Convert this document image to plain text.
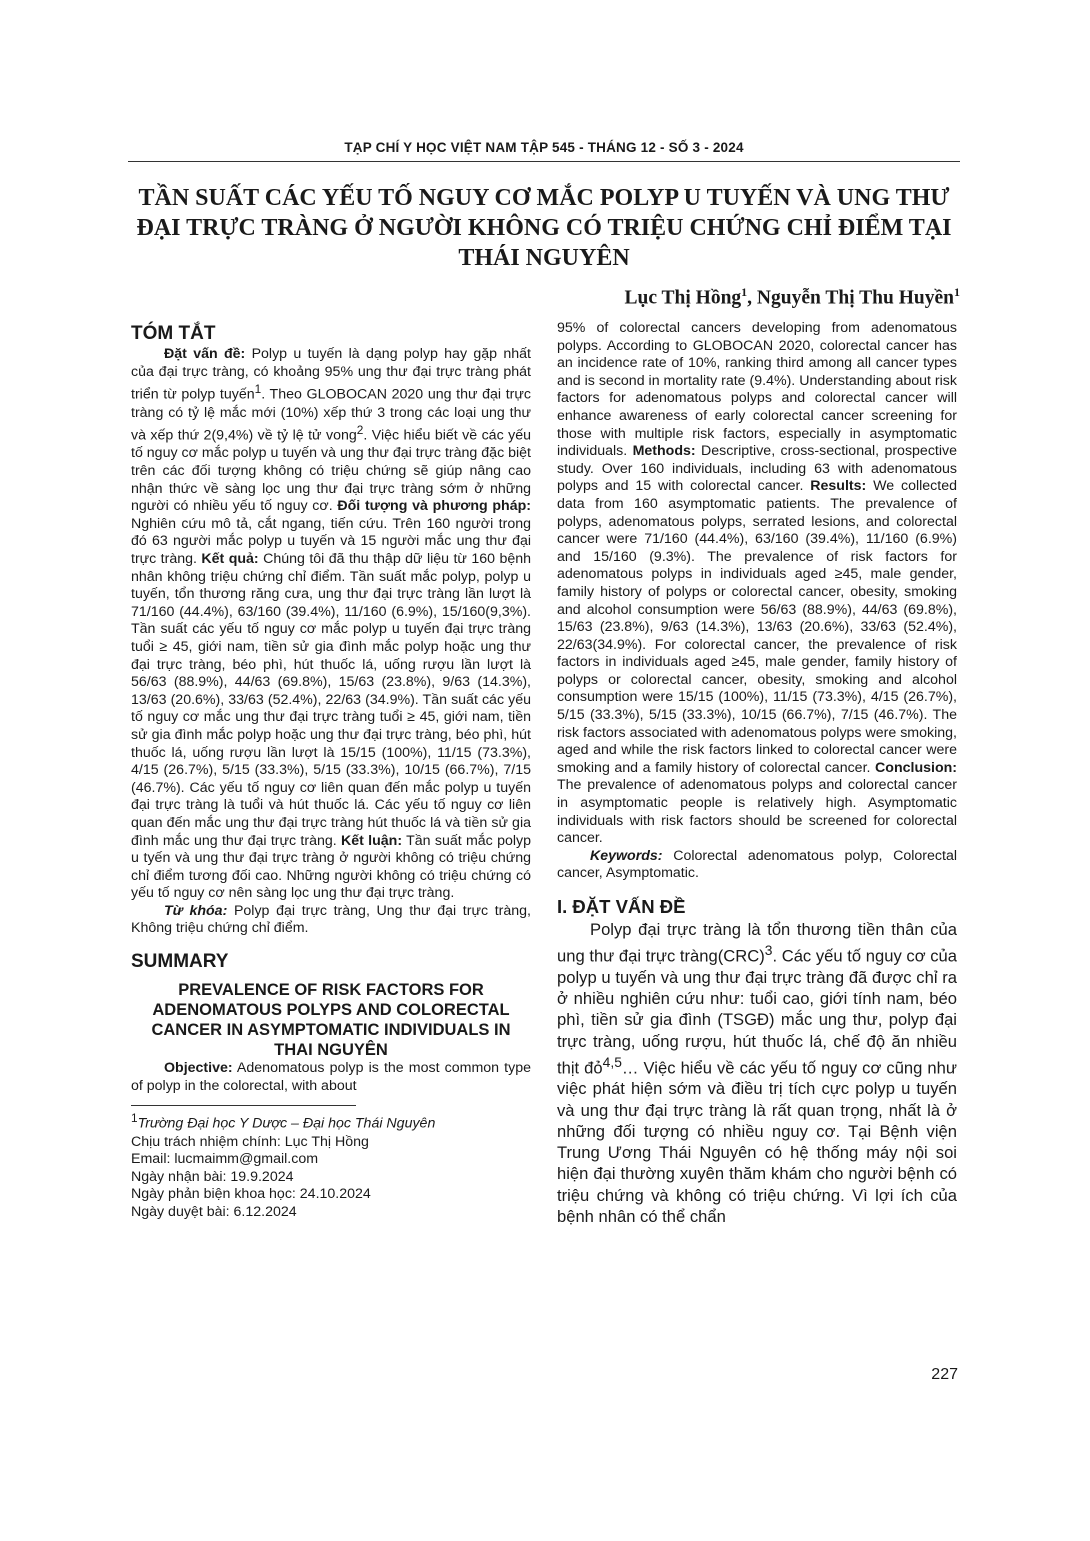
TẠP CHÍ Y HỌC VIỆT NAM TẬP 545 - THÁNG 12 - SỐ 3 - 2024
TẦN SUẤT CÁC YẾU TỐ NGUY CƠ MẮC POLYP U TUYẾN VÀ UNG THƯ ĐẠI TRỰC TRÀNG Ở NGƯỜI KHÔNG CÓ TRIỆU CHỨNG CHỈ ĐIỂM TẠI THÁI NGUYÊN
Lục Thị Hồng$^1$, Nguyễn Thị Thu Huyền$^1$
TÓM TẮT

Đặt vấn đề: Polyp u tuyến là dạng polyp hay gặp nhất của đại trực tràng, có khoảng 95% ung thư đại trực tràng phát triển từ polyp tuyến$^1$. Theo GLOBOCAN 2020 ung thư đại trực tràng có tỷ lệ mắc mới (10%) xếp thứ 3 trong các loại ung thư và xếp thứ 2(9,4%) về tỷ lệ tử vong$^2$. Việc hiểu biết về các yếu tố nguy cơ mắc polyp u tuyến và ung thư đại trực tràng đặc biệt trên các đối tượng không có triệu chứng sẽ giúp nâng cao nhận thức về sàng lọc ung thư đại trực tràng sớm ở những người có nhiều yếu tố nguy cơ. Đối tượng và phương pháp: Nghiên cứu mô tả, cắt ngang, tiến cứu. Trên 160 người trong đó 63 người mắc polyp u tuyến và 15 người mắc ung thư đại trực tràng. Kết quả: Chúng tôi đã thu thập dữ liệu từ 160 bệnh nhân không triệu chứng chỉ điểm. Tần suất mắc polyp, polyp u tuyến, tổn thương răng cưa, ung thư đại trực tràng lần lượt là 71/160 (44.4%), 63/160 (39.4%), 11/160 (6.9%), 15/160(9,3%). Tần suất các yếu tố nguy cơ mắc polyp u tuyến đại trực tràng tuổi ≥ 45, giới nam, tiền sử gia đình mắc polyp hoặc ung thư đại trực tràng, béo phì, hút thuốc lá, uống rượu lần lượt là 56/63 (88.9%), 44/63 (69.8%), 15/63 (23.8%), 9/63 (14.3%), 13/63 (20.6%), 33/63 (52.4%), 22/63 (34.9%). Tần suất các yếu tố nguy cơ mắc ung thư đại trực tràng tuổi ≥ 45, giới nam, tiền sử gia đình mắc polyp hoặc ung thư đại trực tràng, béo phì, hút thuốc lá, uống rượu lần lượt là 15/15 (100%), 11/15 (73.3%), 4/15 (26.7%), 5/15 (33.3%), 5/15 (33.3%), 10/15 (66.7%), 7/15 (46.7%). Các yếu tố nguy cơ liên quan đến mắc polyp u tuyến đại trực tràng là tuổi và hút thuốc lá. Các yếu tố nguy cơ liên quan đến mắc ung thư đại trực tràng hút thuốc lá và tiền sử gia đình mắc ung thư đại trực tràng. Kết luận: Tần suất mắc polyp u tyến và ung thư đại trực tràng ở người không có triệu chứng chỉ điểm tương đối cao. Những người không có triệu chứng có yếu tố nguy cơ nên sàng lọc ung thư đại trực tràng.

Từ khóa: Polyp đại trực tràng, Ung thư đại trực tràng, Không triệu chứng chỉ điểm.

SUMMARY

PREVALENCE OF RISK FACTORS FOR ADENOMATOUS POLYPS AND COLORECTAL CANCER IN ASYMPTOMATIC INDIVIDUALS IN THAI NGUYÊN

Objective: Adenomatous polyp is the most common type of polyp in the colorectal, with about

$^1$Trường Đại học Y Dược – Đại học Thái Nguyên
Chịu trách nhiệm chính: Lục Thị Hồng
Email: lucmaimm@gmail.com
Ngày nhận bài: 19.9.2024
Ngày phản biện khoa học: 24.10.2024
Ngày duyệt bài: 6.12.2024

95% of colorectal cancers developing from adenomatous polyps. According to GLOBOCAN 2020, colorectal cancer has an incidence rate of 10%, ranking third among all cancer types and is second in mortality rate (9.4%). Understanding about risk factors for adenomatous polyps and colorectal cancer will enhance awareness of early colorectal cancer screening for those with multiple risk factors, especially in asymptomatic individuals. Methods: Descriptive, cross-sectional, prospective study. Over 160 individuals, including 63 with adenomatous polyps and 15 with colorectal cancer. Results: We collected data from 160 asymptomatic patients. The prevalence of polyps, adenomatous polyps, serrated lesions, and colorectal cancer were 71/160 (44.4%), 63/160 (39.4%), 11/160 (6.9%) and 15/160 (9.3%). The prevalence of risk factors for adenomatous polyps in individuals aged ≥45, male gender, family history of polyps or colorectal cancer, obesity, smoking and alcohol consumption were 56/63 (88.9%), 44/63 (69.8%), 15/63 (23.8%), 9/63 (14.3%), 13/63 (20.6%), 33/63 (52.4%), 22/63(34.9%). For colorectal cancer, the prevalence of risk factors in individuals aged ≥45, male gender, family history of polyps or colorectal cancer, obesity, smoking and alcohol consumption were 15/15 (100%), 11/15 (73.3%), 4/15 (26.7%), 5/15 (33.3%), 5/15 (33.3%), 10/15 (66.7%), 7/15 (46.7%). The risk factors associated with adenomatous polyps were smoking, aged and while the risk factors linked to colorectal cancer were smoking and a family history of colorectal cancer. Conclusion: The prevalence of adenomatous polyps and colorectal cancer in asymptomatic people is relatively high. Asymptomatic individuals with risk factors should be screened for colorectal cancer.

Keywords: Colorectal adenomatous polyp, Colorectal cancer, Asymptomatic.

I. ĐẶT VẤN ĐỀ

Polyp đại trực tràng là tổn thương tiền thân của ung thư đại trực tràng(CRC)$^3$. Các yếu tố nguy cơ của polyp u tuyến và ung thư đại trực tràng đã được chỉ ra ở nhiều nghiên cứu như: tuổi cao, giới tính nam, béo phì, tiền sử gia đình (TSGĐ) mắc ung thư, polyp đại trực tràng, uống rượu, hút thuốc lá, chế độ ăn nhiều thịt đỏ$^{4,5}$… Việc hiểu về các yếu tố nguy cơ cũng như việc phát hiện sớm và điều trị tích cực polyp u tuyến và ung thư đại trực tràng là rất quan trọng, nhất là ở những đối tượng có nhiều nguy cơ. Tại Bệnh viện Trung Ương Thái Nguyên có hệ thống máy nội soi hiện đại thường xuyên thăm khám cho người bệnh có triệu chứng và không có triệu chứng. Vì lợi ích của bệnh nhân có thể chẩn

227
